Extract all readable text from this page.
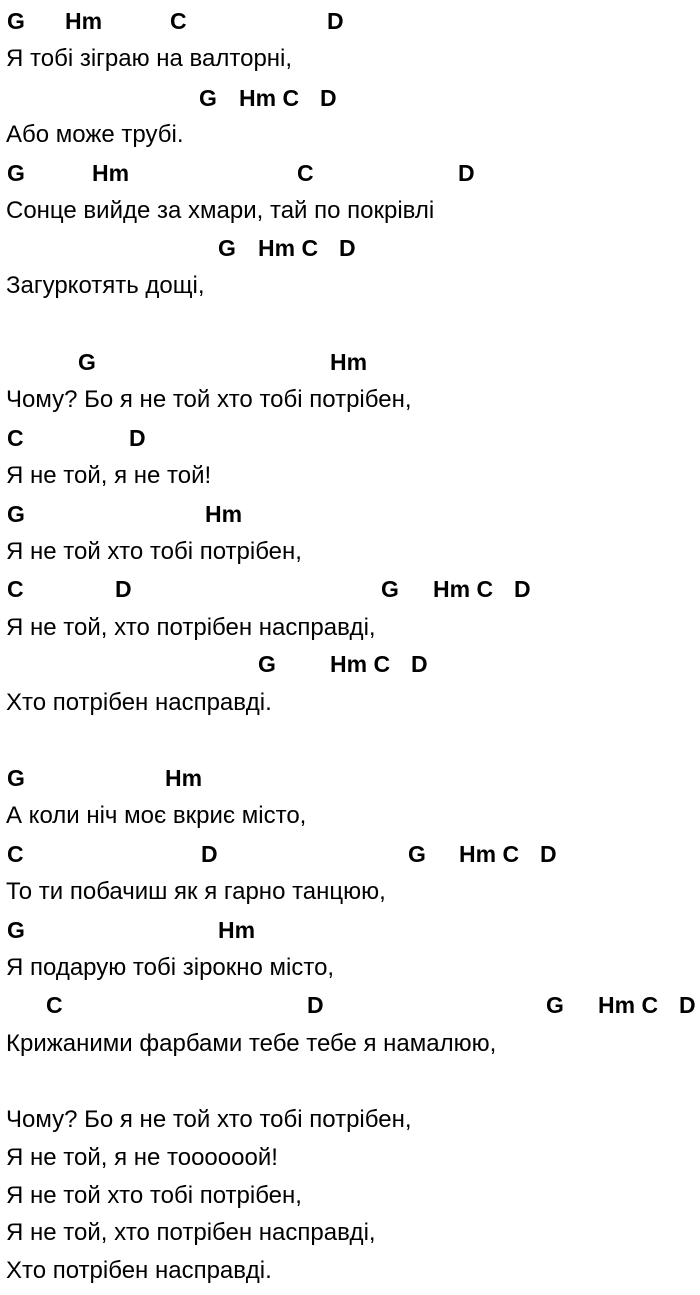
G

Hm

	C

	D

Я тобі зіграю на валторні,

G

Hm C

D

Або може трубі.

G

	Hm

	C

	D

Сонце вийде за хмари, тай по покрівлі

G

Hm C

D

Загуркотять дощі,

G

	Hm

Чому? Бо я не той хто тобі потрібен,

C

	D

Я не той, я не той!

G

	Hm

Я не той хто тобі потрібен,

C

	D

	G

Hm C

D

Я не той, хто потрібен насправді,

G

Hm C

D

Хто потрібен насправді.

G

	Hm

А коли ніч моє вкриє місто,

C

	D

	G

Hm C

D

То ти побачиш як я гарно танцюю,

G

	Hm

Я подарую тобі зірокно місто,

C

	D

	G

Hm C

D

Крижаними фарбами тебе тебе я намалюю,
Чому? Бо я не той хто тобі потрібен,
Я не той, я не тоооооой!
Я не той хто тобі потрібен,
Я не той, хто потрібен насправді,
Хто потрібен насправді.
